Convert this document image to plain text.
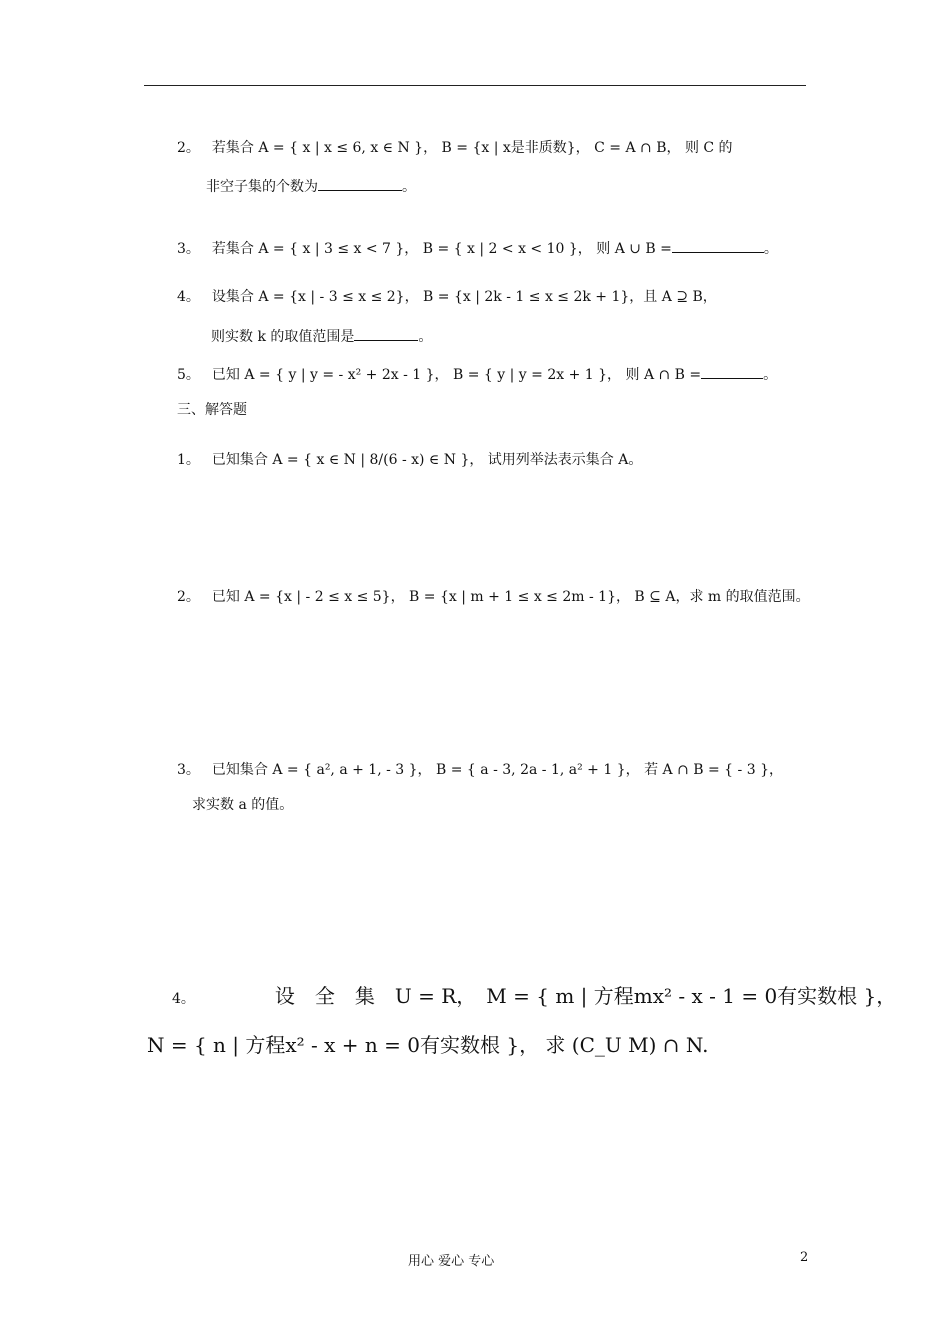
2。 若集合 A = { x | x ≤ 6, x ∈ N }， B = {x | x是非质数}， C = A ∩ B， 则 C 的
非空子集的个数为	。
3。 若集合 A = { x | 3 ≤ x < 7 }， B = { x | 2 < x < 10 }， 则 A ∪ B =	。
4。 设集合 A = {x | - 3 ≤ x ≤ 2}， B = {x | 2k - 1 ≤ x ≤ 2k + 1}，且 A ⊇ B，
则实数 k 的取值范围是	。
5。 已知 A = { y | y = - x² + 2x - 1 }， B = { y | y = 2x + 1 }， 则 A ∩ B =	。
三、解答题
1。 已知集合 A = { x ∈ N | 8/(6 - x) ∈ N }， 试用列举法表示集合 A。
2。 已知 A = {x | - 2 ≤ x ≤ 5}， B = {x | m + 1 ≤ x ≤ 2m - 1}， B ⊆ A，求 m 的取值范围。
3。 已知集合 A = { a², a + 1, - 3 }， B = { a - 3, 2a - 1, a² + 1 }， 若 A ∩ B = { - 3 }，
求实数 a 的值。
4。	设　全　集　U = R，　M = { m | 方程mx² - x - 1 = 0有实数根 }，
N = { n | 方程x² - x + n = 0有实数根 }， 求 (C_U M) ∩ N.
用心 爱心 专心	2
